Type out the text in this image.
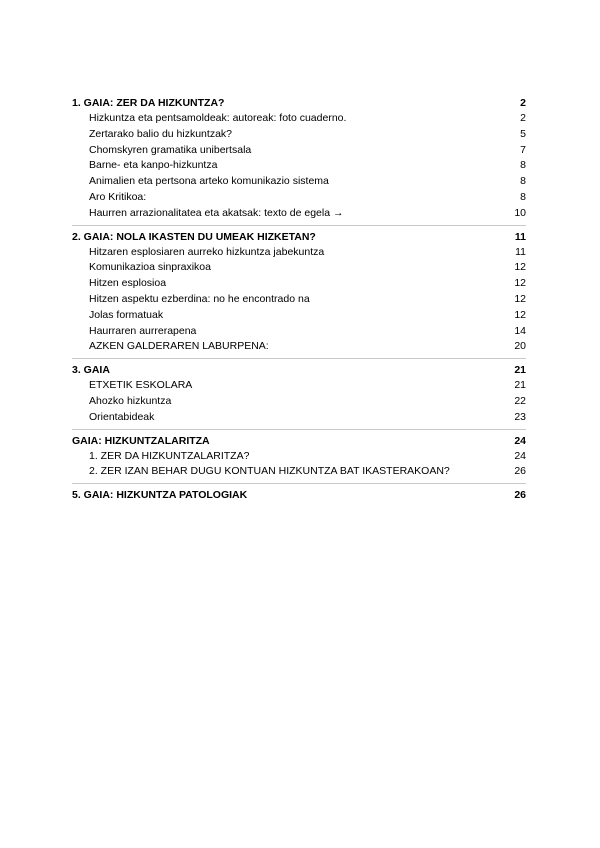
1. GAIA: ZER DA HIZKUNTZA?	2
Hizkuntza eta pentsamoldeak: autoreak: foto cuaderno.	2
Zertarako balio du hizkuntzak?	5
Chomskyren gramatika unibertsala	7
Barne- eta kanpo-hizkuntza	8
Animalien eta pertsona arteko komunikazio sistema	8
Aro Kritikoa:	8
Haurren arrazionalitatea eta akatsak: texto de egela →	10
2. GAIA: NOLA IKASTEN DU UMEAK HIZKETAN?	11
Hitzaren esplosiaren aurreko hizkuntza jabekuntza	11
Komunikazioa sinpraxikoa	12
Hitzen esplosioa	12
Hitzen aspektu ezberdina: no he encontrado na	12
Jolas formatuak	12
Haurraren aurrerapena	14
AZKEN GALDERAREN LABURPENA:	20
3. GAIA	21
ETXETIK ESKOLARA	21
Ahozko hizkuntza	22
Orientabideak	23
GAIA: HIZKUNTZALARITZA	24
1. ZER DA HIZKUNTZALARITZA?	24
2. ZER IZAN BEHAR DUGU KONTUAN HIZKUNTZA BAT IKASTERAKOAN?	26
5. GAIA: HIZKUNTZA PATOLOGIAK	26
